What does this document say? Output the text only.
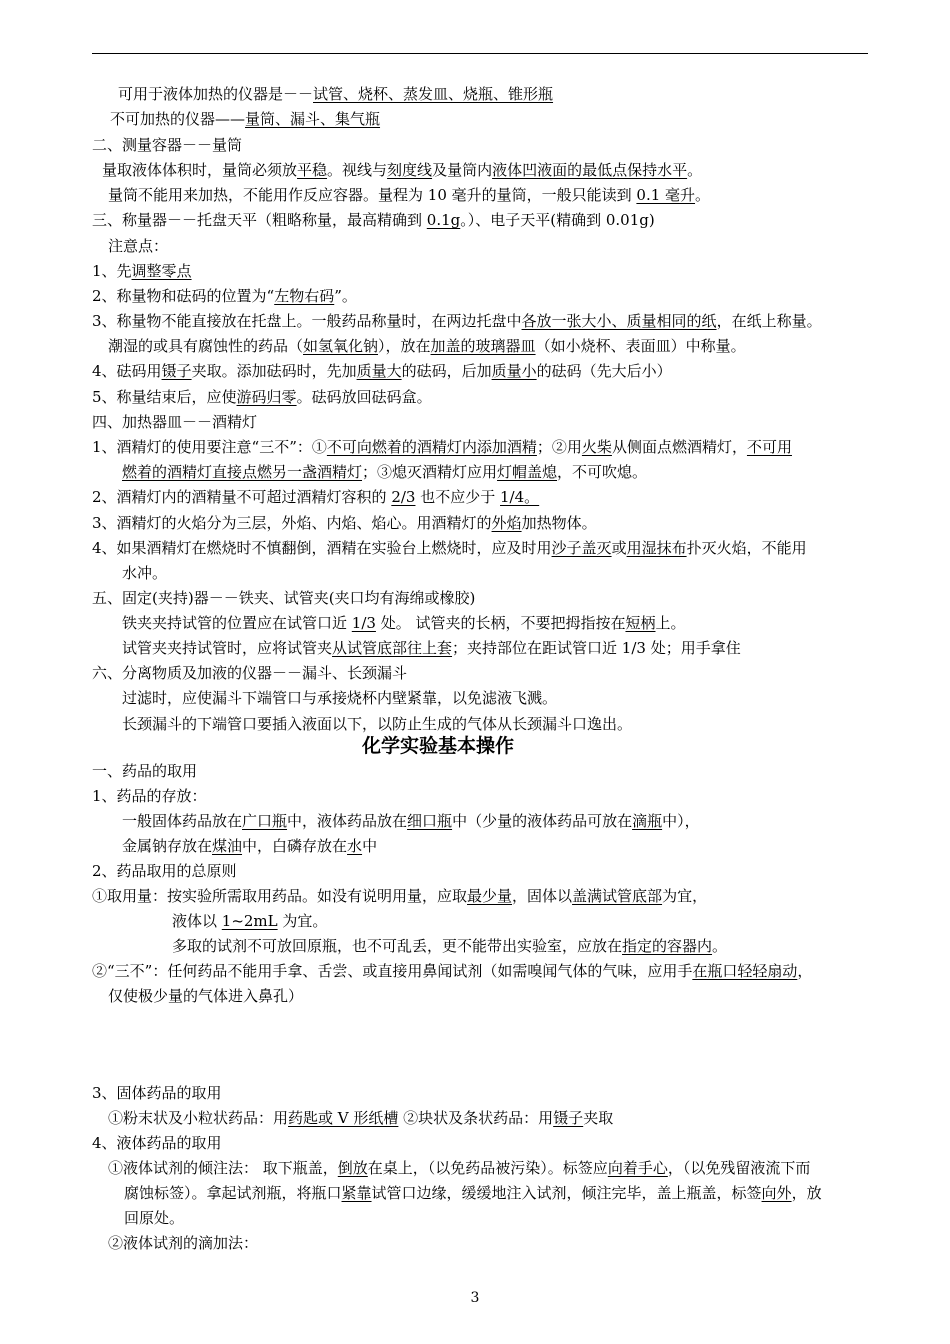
可用于液体加热的仪器是－－试管、烧杯、蒸发皿、烧瓶、锥形瓶
不可加热的仪器——量筒、漏斗、集气瓶
二、测量容器－－量筒
量取液体体积时，量筒必须放平稳。视线与刻度线及量筒内液体凹液面的最低点保持水平。
量筒不能用来加热，不能用作反应容器。量程为 10 毫升的量筒，一般只能读到 0.1 毫升。
三、称量器－－托盘天平（粗略称量，最高精确到 0.1g。）、电子天平(精确到 0.01g)
注意点：
1、先调整零点
2、称量物和砝码的位置为“左物右码”。
3、称量物不能直接放在托盘上。一般药品称量时，在两边托盘中各放一张大小、质量相同的纸，在纸上称量。
潮湿的或具有腐蚀性的药品（如氢氧化钠），放在加盖的玻璃器皿（如小烧杯、表面皿）中称量。
4、砝码用镊子夹取。添加砝码时，先加质量大的砝码，后加质量小的砝码（先大后小）
5、称量结束后，应使游码归零。砝码放回砝码盒。
四、加热器皿－－酒精灯
1、酒精灯的使用要注意“三不”：①不可向燃着的酒精灯内添加酒精；②用火柴从侧面点燃酒精灯，不可用
燃着的酒精灯直接点燃另一盏酒精灯；③熄灭酒精灯应用灯帽盖熄，不可吹熄。
2、酒精灯内的酒精量不可超过酒精灯容积的 2/3 也不应少于 1/4。
3、酒精灯的火焰分为三层，外焰、内焰、焰心。用酒精灯的外焰加热物体。
4、如果酒精灯在燃烧时不慎翻倒，酒精在实验台上燃烧时，应及时用沙子盖灭或用湿抹布扑灭火焰，不能用
水冲。
五、固定(夹持)器－－铁夹、试管夹(夹口均有海绵或橡胶)
铁夹夹持试管的位置应在试管口近 1/3 处。 试管夹的长柄，不要把拇指按在短柄上。
试管夹夹持试管时，应将试管夹从试管底部往上套；夹持部位在距试管口近 1/3 处；用手拿住
六、分离物质及加液的仪器－－漏斗、长颈漏斗
过滤时，应使漏斗下端管口与承接烧杯内壁紧靠，以免滤液飞溅。
长颈漏斗的下端管口要插入液面以下，以防止生成的气体从长颈漏斗口逸出。
化学实验基本操作
一、药品的取用
1、药品的存放：
一般固体药品放在广口瓶中，液体药品放在细口瓶中（少量的液体药品可放在滴瓶中），
金属钠存放在煤油中，白磷存放在水中
2、药品取用的总原则
①取用量：按实验所需取用药品。如没有说明用量，应取最少量，固体以盖满试管底部为宜，
液体以 1~2mL 为宜。
多取的试剂不可放回原瓶，也不可乱丢，更不能带出实验室，应放在指定的容器内。
②“三不”：任何药品不能用手拿、舌尝、或直接用鼻闻试剂（如需嗅闻气体的气味，应用手在瓶口轻轻扇动，
仅使极少量的气体进入鼻孔）
3、固体药品的取用
①粉末状及小粒状药品：用药匙或 V 形纸槽 ②块状及条状药品：用镊子夹取
4、液体药品的取用
①液体试剂的倾注法： 取下瓶盖，倒放在桌上，（以免药品被污染）。标签应向着手心，（以免残留液流下而
腐蚀标签）。拿起试剂瓶，将瓶口紧靠试管口边缘，缓缓地注入试剂，倾注完毕，盖上瓶盖，标签向外，放
回原处。
②液体试剂的滴加法：
3
